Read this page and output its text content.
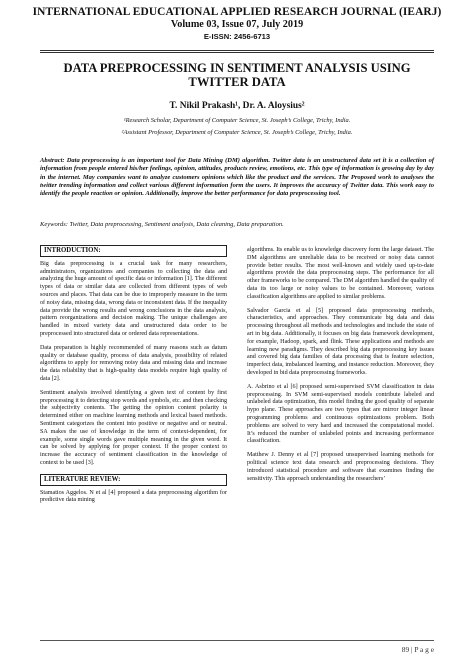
INTERNATIONAL EDUCATIONAL APPLIED RESEARCH JOURNAL (IEARJ)
Volume 03, Issue 07, July 2019
E-ISSN: 2456-6713
DATA PREPROCESSING IN SENTIMENT ANALYSIS USING TWITTER DATA
T. Nikil Prakash¹, Dr. A. Aloysius²
¹Research Scholar, Department of Computer Science, St. Joseph’s College, Trichy, India.
²Assistant Professor, Department of Computer Science, St. Joseph’s College, Trichy, India.
Abstract: Data preprocessing is an important tool for Data Mining (DM) algorithm. Twitter data is an unstructured data set it is a collection of information from people entered his/her feelings, opinion, attitudes, products review, emotions, etc. This type of information is growing day by day in the internet. May companies want to analyze customers opinions which like the product and the services. The Proposed work to analyses the twitter trending information and collect various different information form the users. It improves the accuracy of Twitter data. This work easy to identify the people reaction or opinion. Additionally, improve the better performance for data preprocessing tool.
Keywords: Twitter, Data preprocessing, Sentiment analysis, Data cleaning, Data preparation.
INTRODUCTION:

Big data preprocessing is a crucial task for many researchers, administrators, organizations and companies to collecting the data and analyzing the huge amount of specific data or information [1]. The different types of data or similar data are collected from different types of web sources and places. That data can be due to improperly measure in the term of noisy data, missing data, wrong data or inconsistent data. If the inequality data provide the wrong results and wrong conclusions in the data analysis, pattern reorganizations and decision making. The unique challenges are handled in mixed variety data and unstructured data order to be preprocessed into structured data or ordered data representations.

Data preparation is highly recommended of many reasons such as datum quality or database quality, process of data analysis, possibility of related algorithms to apply for removing noisy data and missing data and increase the data reliability that is high-quality data models require high quality of data [2].

Sentiment analysis involved identifying a given text of content by first preprocessing it to detecting stop words and symbols, etc. and then checking the subjectivity contents. The getting the opinion content polarity is determined either on machine learning methods and lexical based methods. Sentiment categorizes the content into positive or negative and or neutral. SA makes the use of knowledge in the term of context-dependent, for example, some single words gave multiple meaning in the given word. It can be solved by applying for proper context. If the proper context to increase the accuracy of sentiment classification in the knowledge of context to be used [3].

LITERATURE REVIEW:

Stamatios Aggelos. N et al [4] proposed a data preprocessing algorithm for predictive data mining

algorithms. Its enable us to knowledge discovery form the large dataset. The DM algorithms are unreliable data to be received or noisy data cannot provide better results. The most well-known and widely used up-to-date algorithms provide the data preprocessing steps. The performance for all other frameworks to be compared. The DM algorithm handled the quality of data its too large or noisy values to be contained. Moreover, various classification algorithms are applied to similar problems.

Salvador Garcia et al [5] proposed data preprocessing methods, characteristics, and approaches. They communicate big data and data processing throughout all methods and technologies and include the state of art in big data. Additionally, it focuses on big data framework development, for example, Hadoop, spark, and flink. These applications and methods are learning new paradigms. They described big data preprocessing key issues and covered big data families of data processing that is feature selection, imperfect data, imbalanced learning, and instance reduction. Moreover, they developed in bid data preprocessing frameworks.

A. Asbrino et al [6] proposed semi-supervised SVM classification in data preprocessing. In SVM semi-supervised models contribute labeled and unlabeled data optimization, this model finding the good quality of separate hypo plane. These approaches are two types that are mirror integer linear programming problems and continuous optimizations problem. Both problems are solved to very hard and increased the computational model. It’s reduced the number of unlabeled points and increasing performance classification.

Matthew J. Denny et al [7] proposed unsupervised learning methods for political science text data research and preprocessing decisions. They introduced statistical procedure and software that examines finding the sensitivity. This approach understanding the researchers’

89 | P a g e
